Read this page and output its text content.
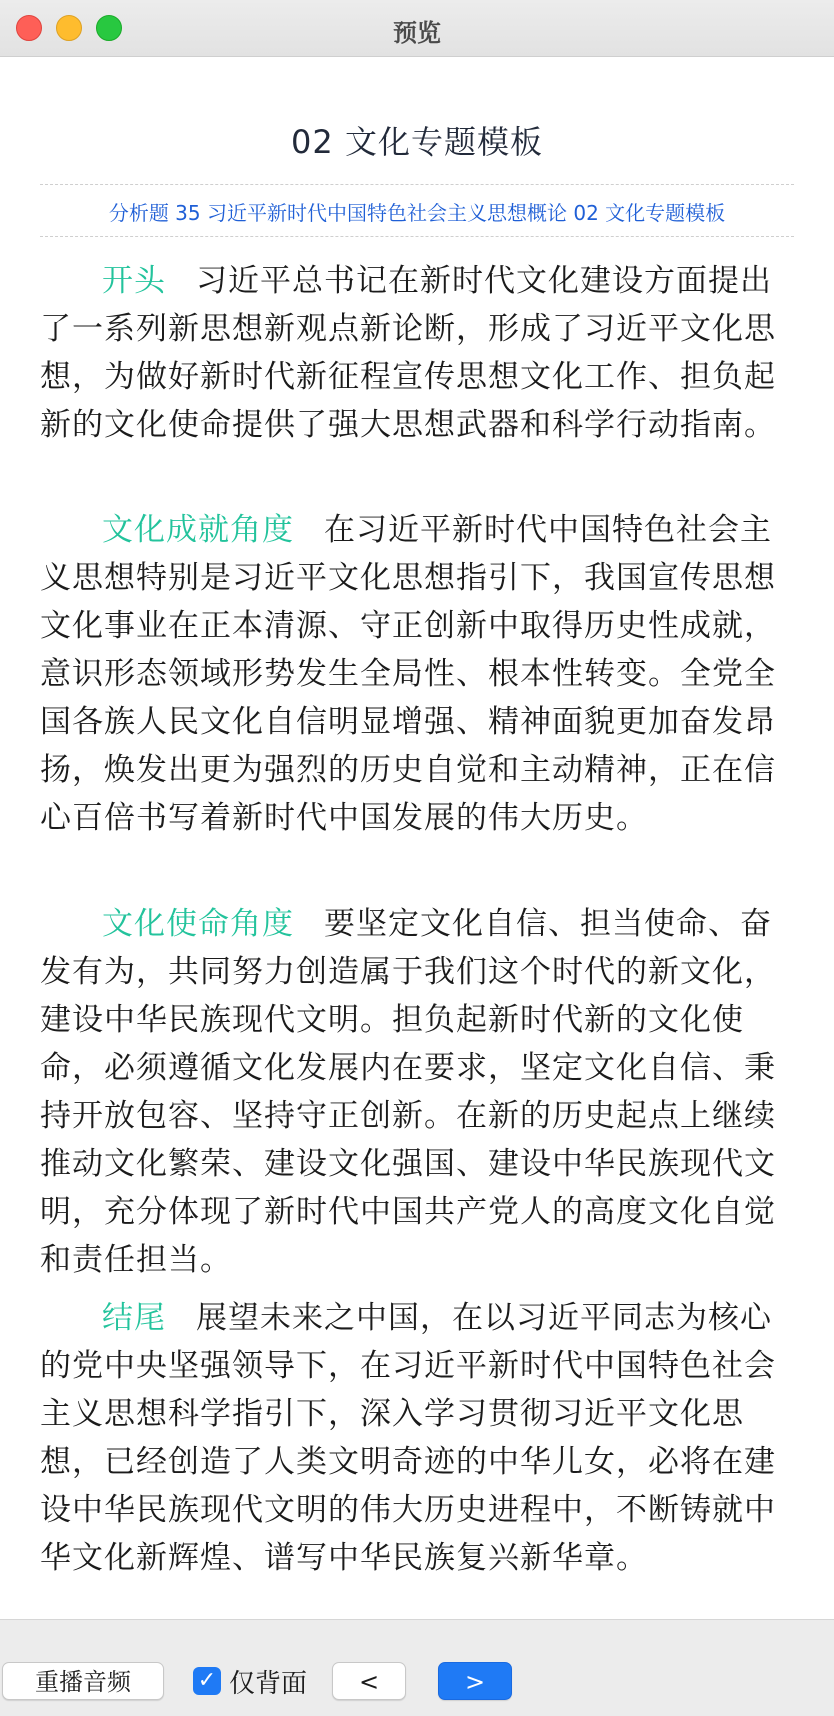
预览
02 文化专题模板
分析题 35 习近平新时代中国特色社会主义思想概论 02 文化专题模板
开头 习近平总书记在新时代文化建设方面提出了一系列新思想新观点新论断，形成了习近平文化思想，为做好新时代新征程宣传思想文化工作、担负起新的文化使命提供了强大思想武器和科学行动指南。
文化成就角度 在习近平新时代中国特色社会主义思想特别是习近平文化思想指引下，我国宣传思想文化事业在正本清源、守正创新中取得历史性成就，意识形态领域形势发生全局性、根本性转变。全党全国各族人民文化自信明显增强、精神面貌更加奋发昂扬，焕发出更为强烈的历史自觉和主动精神，正在信心百倍书写着新时代中国发展的伟大历史。
文化使命角度 要坚定文化自信、担当使命、奋发有为，共同努力创造属于我们这个时代的新文化，建设中华民族现代文明。担负起新时代新的文化使命，必须遵循文化发展内在要求，坚定文化自信、秉持开放包容、坚持守正创新。在新的历史起点上继续推动文化繁荣、建设文化强国、建设中华民族现代文明，充分体现了新时代中国共产党人的高度文化自觉和责任担当。
结尾 展望未来之中国，在以习近平同志为核心的党中央坚强领导下，在习近平新时代中国特色社会主义思想科学指引下，深入学习贯彻习近平文化思想，已经创造了人类文明奇迹的中华儿女，必将在建设中华民族现代文明的伟大历史进程中，不断铸就中华文化新辉煌、谱写中华民族复兴新华章。
重播音频	✓ 仅背面	<	>
